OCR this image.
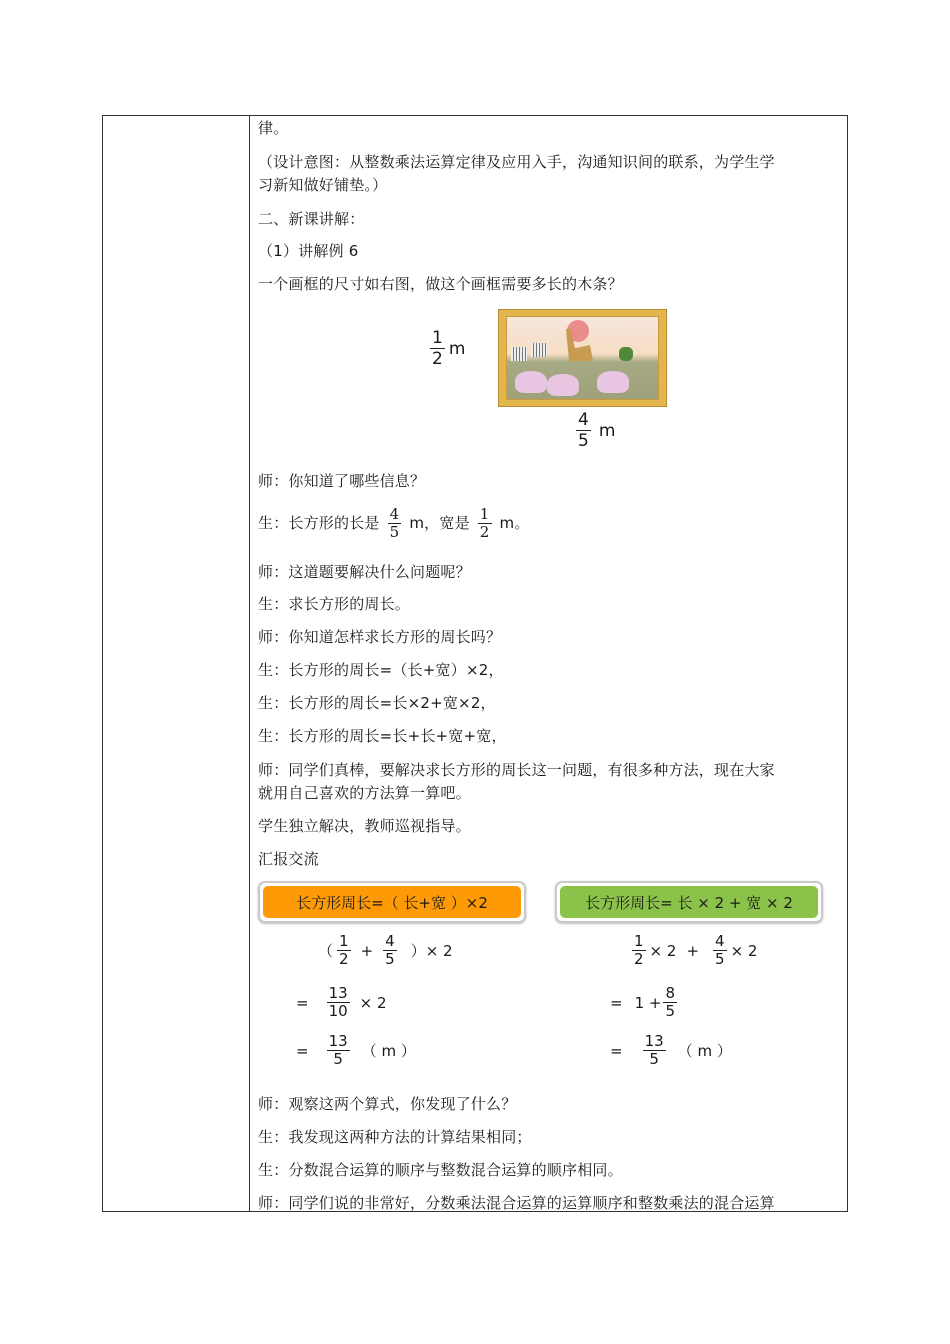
律。
（设计意图：从整数乘法运算定律及应用入手，沟通知识间的联系，为学生学
习新知做好铺垫。）
二、新课讲解：
（1）讲解例 6
一个画框的尺寸如右图，做这个画框需要多长的木条？
$\frac{1}{2}$ m
$\frac{4}{5}$ m
师：你知道了哪些信息？
生：长方形的长是 $\frac{4}{5}$ m，宽是 $\frac{1}{2}$ m。
师：这道题要解决什么问题呢？
生：求长方形的周长。
师：你知道怎样求长方形的周长吗？
生：长方形的周长=（长+宽）×2，
生：长方形的周长=长×2+宽×2，
生：长方形的周长=长+长+宽+宽，
师：同学们真棒，要解决求长方形的周长这一问题，有很多种方法，现在大家
就用自己喜欢的方法算一算吧。
学生独立解决，教师巡视指导。
汇报交流
长方形周长=（ 长+宽 ）×2
（ $\frac{1}{2} + \frac{4}{5}$ ）× 2
= $\frac{13}{10} \times 2$
= $\frac{13}{5}$ （ m ）
长方形周长= 长 × 2 + 宽 × 2
$\frac{1}{2} \times 2 + \frac{4}{5} \times 2$
= $1 + \frac{8}{5}$
= $\frac{13}{5}$ （ m ）
师：观察这两个算式，你发现了什么？
生：我发现这两种方法的计算结果相同；
生：分数混合运算的顺序与整数混合运算的顺序相同。
师：同学们说的非常好，分数乘法混合运算的运算顺序和整数乘法的混合运算
